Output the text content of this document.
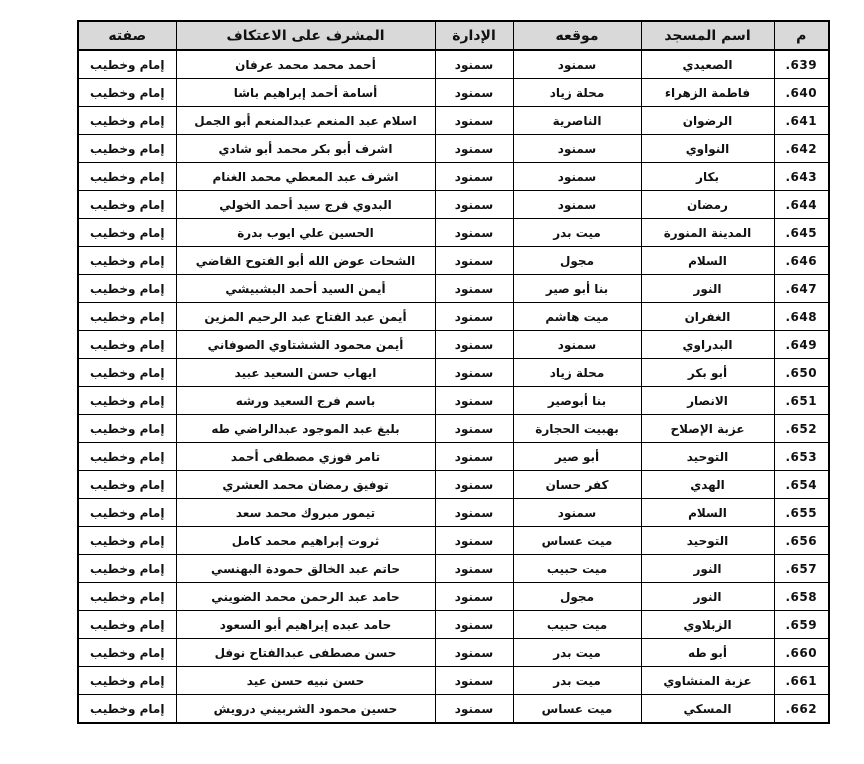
م	اسم المسجد	موقعه	الإدارة	المشرف على الاعتكاف	صفته
.639	الصعيدي	سمنود	سمنود	أحمد محمد محمد عرفان	إمام وخطيب
.640	فاطمة الزهراء	محلة زياد	سمنود	أسامة أحمد إبراهيم باشا	إمام وخطيب
.641	الرضوان	الناصرية	سمنود	اسلام عبد المنعم عبدالمنعم أبو الجمل	إمام وخطيب
.642	النواوي	سمنود	سمنود	اشرف أبو بكر محمد أبو شادي	إمام وخطيب
.643	بكار	سمنود	سمنود	اشرف عبد المعطي محمد الغنام	إمام وخطيب
.644	رمضان	سمنود	سمنود	البدوي فرج سيد أحمد الخولي	إمام وخطيب
.645	المدينة المنورة	ميت بدر	سمنود	الحسين علي ايوب بدرة	إمام وخطيب
.646	السلام	مجول	سمنود	الشحات عوض الله أبو الفتوح القاضي	إمام وخطيب
.647	النور	بنا أبو صير	سمنود	أيمن السيد أحمد البشبيشي	إمام وخطيب
.648	الغفران	ميت هاشم	سمنود	أيمن عبد الفتاح عبد الرحيم المزين	إمام وخطيب
.649	البدراوي	سمنود	سمنود	أيمن محمود الششتاوي الصوفاني	إمام وخطيب
.650	أبو بكر	محلة زياد	سمنود	ايهاب حسن السعيد عبيد	إمام وخطيب
.651	الانصار	بنا أبوصير	سمنود	باسم فرج السعيد ورشه	إمام وخطيب
.652	عزبة الإصلاح	بهبيت الحجارة	سمنود	بليغ عبد الموجود عبدالراضي طه	إمام وخطيب
.653	التوحيد	أبو صير	سمنود	تامر فوزي مصطفى أحمد	إمام وخطيب
.654	الهدي	كفر حسان	سمنود	توفيق رمضان محمد العشري	إمام وخطيب
.655	السلام	سمنود	سمنود	تيمور مبروك محمد سعد	إمام وخطيب
.656	التوحيد	ميت عساس	سمنود	ثروت إبراهيم محمد كامل	إمام وخطيب
.657	النور	ميت حبيب	سمنود	حاتم عبد الخالق حمودة البهنسي	إمام وخطيب
.658	النور	مجول	سمنود	حامد عبد الرحمن محمد الضويني	إمام وخطيب
.659	الزبلاوي	ميت حبيب	سمنود	حامد عبده إبراهيم أبو السعود	إمام وخطيب
.660	أبو طه	ميت بدر	سمنود	حسن مصطفى عبدالفتاح نوفل	إمام وخطيب
.661	عزبة المنشاوي	ميت بدر	سمنود	حسن نبيه حسن عيد	إمام وخطيب
.662	المسكي	ميت عساس	سمنود	حسين محمود الشربيني درويش	إمام وخطيب
